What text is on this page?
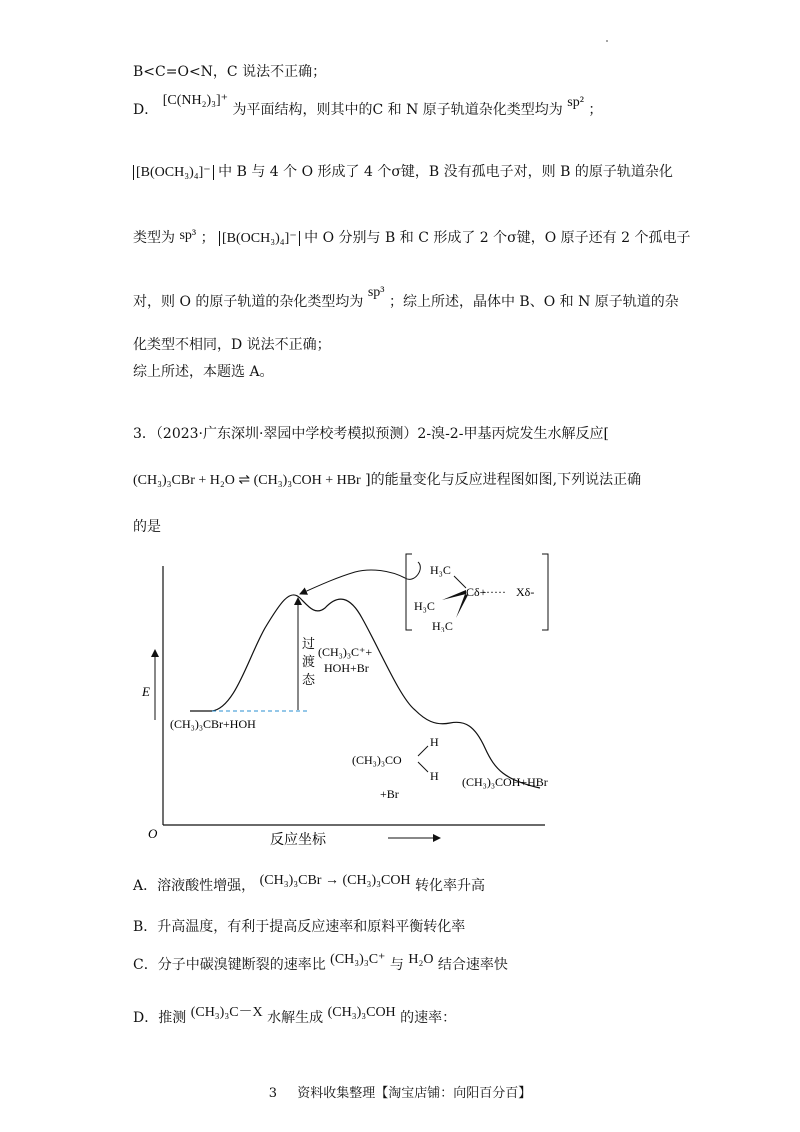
B<C=O<N，C 说法不正确；
D． [C(NH₂)₃]⁺ 为平面结构，则其中的C 和 N 原子轨道杂化类型均为 sp² ；
[B(OCH₃)₄]⁻ 中 B 与 4 个 O 形成了 4 个σ键，B 没有孤电子对，则 B 的原子轨道杂化
类型为 sp³ ； [B(OCH₃)₄]⁻ 中 O 分别与 B 和 C 形成了 2 个σ键，O 原子还有 2 个孤电子
对，则 O 的原子轨道的杂化类型均为 sp³ ；综上所述，晶体中 B、O 和 N 原子轨道的杂
化类型不相同，D 说法不正确；
综上所述，本题选 A。
3．（2023·广东深圳·翠园中学校考模拟预测）2-溴-2-甲基丙烷发生水解反应[
(CH₃)₃CBr + H₂O ⇌ (CH₃)₃COH + HBr ]的能量变化与反应进程图如图,下列说法正确
的是
E
O	反应坐标
过
渡
态
(CH₃)₃C⁺+
HOH+Br
(CH₃)₃CBr+HOH
(CH₃)₃CO
H
H
+Br
(CH₃)₃COH+HBr
H₃C
H₃C
H₃C
Cδ+
······ Xδ-
A．溶液酸性增强， (CH₃)₃CBr → (CH₃)₃COH 转化率升高
B．升高温度，有利于提高反应速率和原料平衡转化率
C．分子中碳溴键断裂的速率比 (CH₃)₃C⁺ 与 H₂O 结合速率快
D．推测 (CH₃)₃C－X 水解生成 (CH₃)₃COH 的速率：
3 资料收集整理【淘宝店铺：向阳百分百】
